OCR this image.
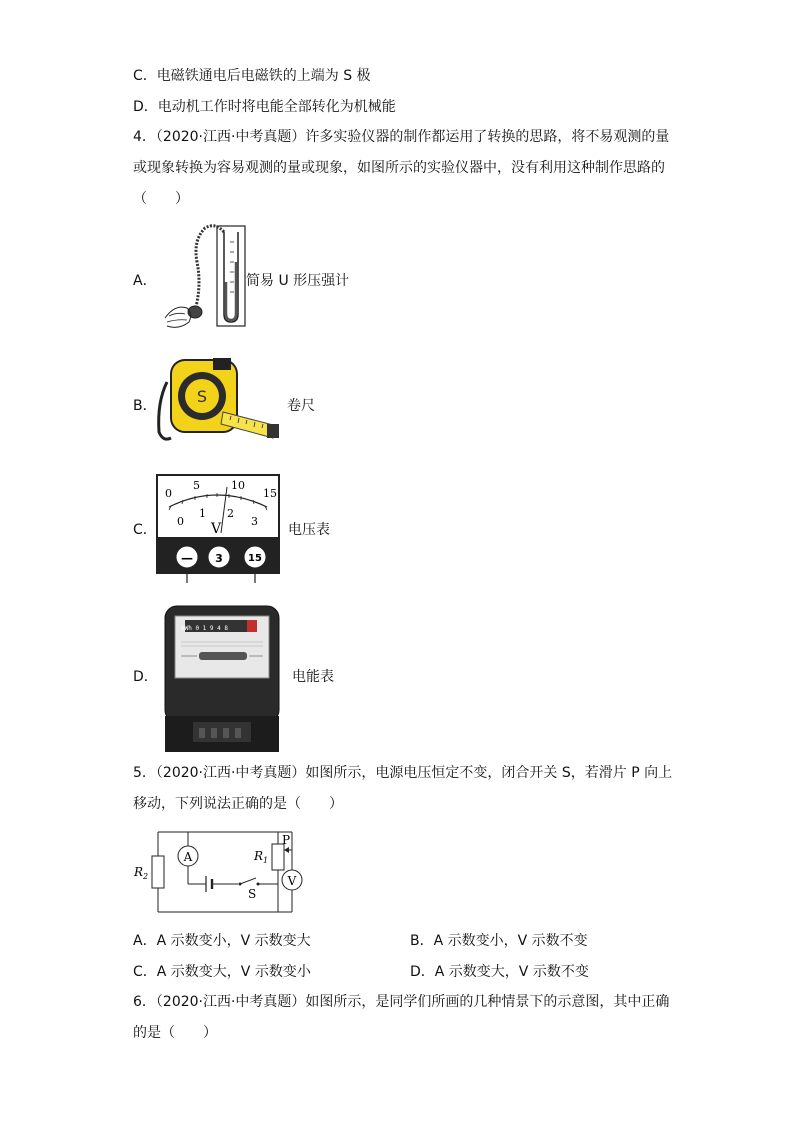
C．电磁铁通电后电磁铁的上端为 S 极
D．电动机工作时将电能全部转化为机械能
4．（2020·江西·中考真题）许多实验仪器的制作都运用了转换的思路，将不易观测的量
或现象转换为容易观测的量或现象，如图所示的实验仪器中，没有利用这种制作思路的
（　　）
A．	简易 U 形压强计
B．	S	卷尺
C．
0
5	10
15
0
1 2
3
V
— 3	15
电压表
D．
kWh 0 1 9 4 8
电能表
5．（2020·江西·中考真题）如图所示，电源电压恒定不变，闭合开关 S，若滑片 P 向上
移动，下列说法正确的是（　　）
$R_2$
A
S
$R_1$
P
V
A．A 示数变小，V 示数变大	B．A 示数变小，V 示数不变
C．A 示数变大，V 示数变小	D．A 示数变大，V 示数不变
6．（2020·江西·中考真题）如图所示，是同学们所画的几种情景下的示意图，其中正确
的是（　　）
